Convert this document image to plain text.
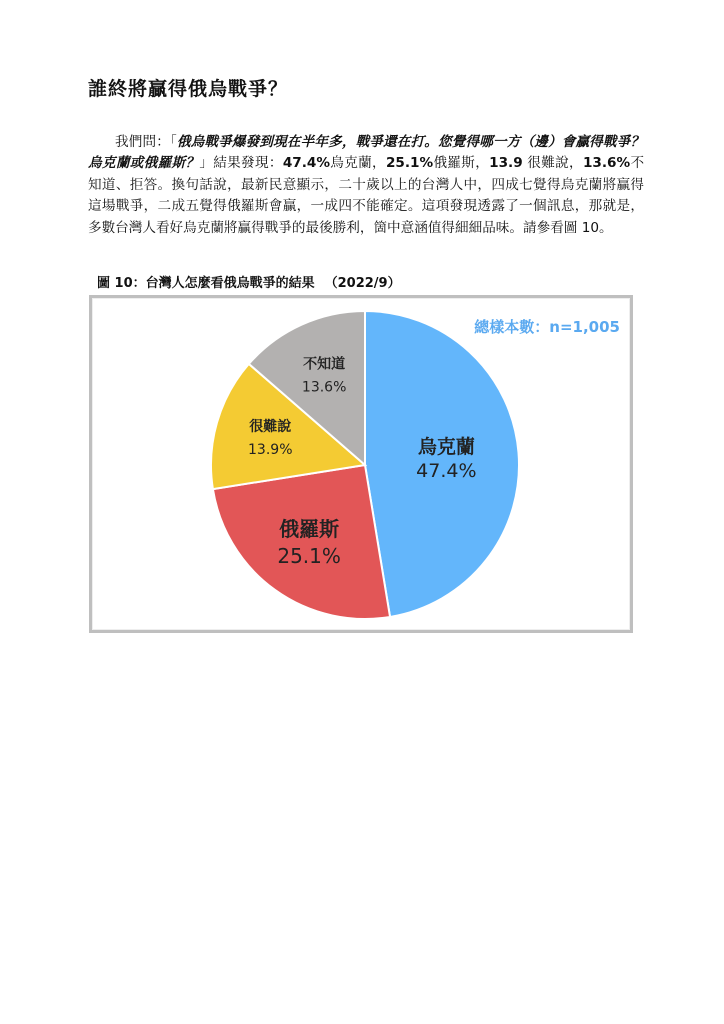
誰終將贏得俄烏戰爭？

我們問：「俄烏戰爭爆發到現在半年多，戰爭還在打。您覺得哪一方（邊）會贏得戰爭？烏克蘭或俄羅斯？」結果發現：47.4%烏克蘭，25.1%俄羅斯，13.9 很難說，13.6%不知道、拒答。換句話說，最新民意顯示，二十歲以上的台灣人中，四成七覺得烏克蘭將贏得這場戰爭，二成五覺得俄羅斯會贏，一成四不能確定。這項發現透露了一個訊息，那就是，多數台灣人看好烏克蘭將贏得戰爭的最後勝利，箇中意涵值得細細品味。請參看圖 10。

圖 10：台灣人怎麼看俄烏戰爭的結果 （2022/9）
烏克蘭
47.4%
俄羅斯
25.1%
很難說
13.9%
不知道
13.6%
總樣本數：n=1,005
